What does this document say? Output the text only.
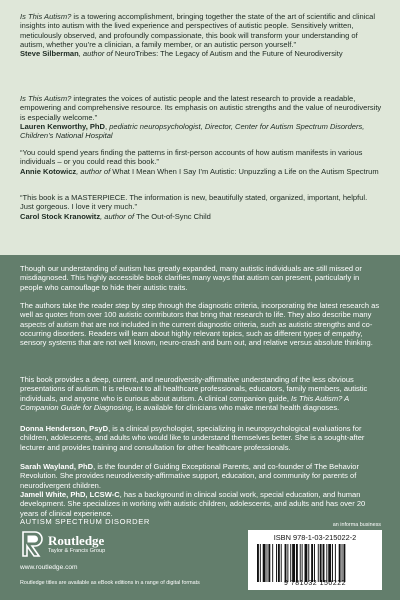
Is This Autism? is a towering accomplishment, bringing together the state of the art of scientific and clinical insights into autism with the lived experience and perspectives of autistic people. Sensitively written, meticulously observed, and profoundly compassionate, this book will transform your understanding of autism, whether you’re a clinician, a family member, or an autistic person yourself.”

Steve Silberman, author of NeuroTribes: The Legacy of Autism and the Future of Neurodiversity

Is This Autism? integrates the voices of autistic people and the latest research to provide a readable, empowering and comprehensive resource. Its emphasis on autistic strengths and the value of neurodiversity is especially welcome.”

Lauren Kenworthy, PhD, pediatric neuropsychologist, Director, Center for Autism Spectrum Disorders, Children’s National Hospital

“You could spend years finding the patterns in first-person accounts of how autism manifests in various individuals – or you could read this book.”

Annie Kotowicz, author of What I Mean When I Say I’m Autistic: Unpuzzling a Life on the Autism Spectrum

“This book is a MASTERPIECE. The information is new, beautifully stated, organized, important, helpful. Just gorgeous. I love it very much.”

Carol Stock Kranowitz, author of The Out-of-Sync Child

Though our understanding of autism has greatly expanded, many autistic individuals are still missed or misdiagnosed. This highly accessible book clarifies many ways that autism can present, particularly in people who camouflage to hide their autistic traits.

The authors take the reader step by step through the diagnostic criteria, incorporating the latest research as well as quotes from over 100 autistic contributors that bring that research to life. They also describe many aspects of autism that are not included in the current diagnostic criteria, such as autistic strengths and co-occurring disorders. Readers will learn about highly relevant topics, such as different types of empathy, sensory systems that are not well known, neuro-crash and burn out, and relative versus absolute thinking.

This book provides a deep, current, and neurodiversity-affirmative understanding of the less obvious presentations of autism. It is relevant to all healthcare professionals, educators, family members, autistic individuals, and anyone who is curious about autism. A clinical companion guide, Is This Autism? A Companion Guide for Diagnosing, is available for clinicians who make mental health diagnoses.

Donna Henderson, PsyD, is a clinical psychologist, specializing in neuropsychological evaluations for children, adolescents, and adults who would like to understand themselves better. She is a sought-after lecturer and provides training and consultation for other healthcare professionals.

Sarah Wayland, PhD, is the founder of Guiding Exceptional Parents, and co-founder of The Behavior Revolution. She provides neurodiversity-affirmative support, education, and community for parents of neurodivergent children.

Jamell White, PhD, LCSW-C, has a background in clinical social work, special education, and human development. She specializes in working with autistic children, adolescents, and adults and has over 20 years of clinical experience.

AUTISM SPECTRUM DISORDER
Routledge
Taylor & Francis Group
www.routledge.com
Routledge titles are available as eBook editions in a range of digital formats
an informa business
ISBN 978-1-03-215022-2
9 781032 150222
